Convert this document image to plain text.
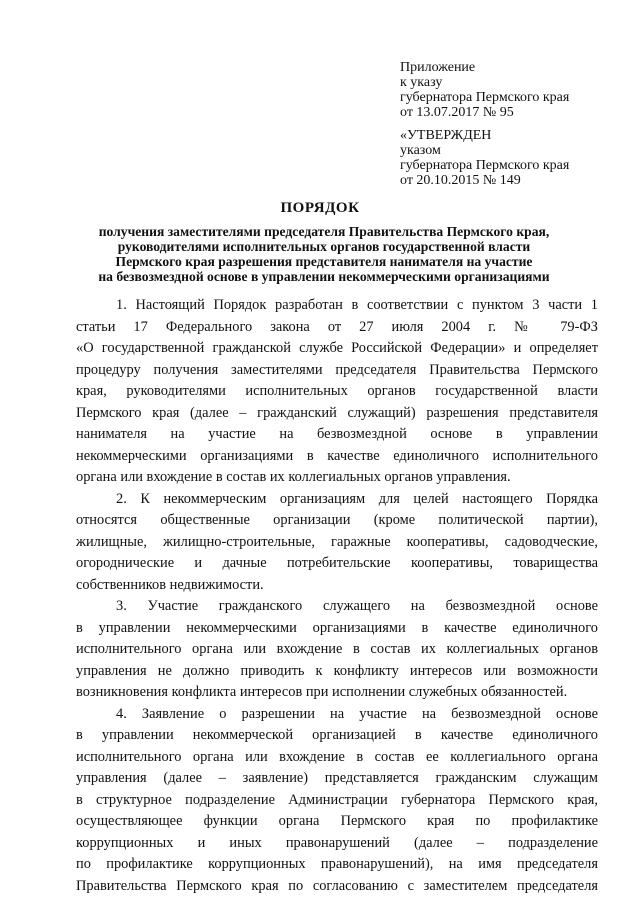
Приложение
к указу
губернатора Пермского края
от 13.07.2017 № 95
«УТВЕРЖДЕН
указом
губернатора Пермского края
от 20.10.2015 № 149
ПОРЯДОК
получения заместителями председателя Правительства Пермского края,
руководителями исполнительных органов государственной власти
Пермского края разрешения представителя нанимателя на участие
на безвозмездной основе в управлении некоммерческими организациями
1. Настоящий Порядок разработан в соответствии с пунктом 3 части 1
статьи 17 Федерального закона от 27 июля 2004 г. № 79-ФЗ
«О государственной гражданской службе Российской Федерации» и определяет
процедуру получения заместителями председателя Правительства Пермского
края, руководителями исполнительных органов государственной власти
Пермского края (далее – гражданский служащий) разрешения представителя
нанимателя на участие на безвозмездной основе в управлении
некоммерческими организациями в качестве единоличного исполнительного
органа или вхождение в состав их коллегиальных органов управления.
2. К некоммерческим организациям для целей настоящего Порядка
относятся общественные организации (кроме политической партии),
жилищные, жилищно-строительные, гаражные кооперативы, садоводческие,
огороднические и дачные потребительские кооперативы, товарищества
собственников недвижимости.
3. Участие гражданского служащего на безвозмездной основе
в управлении некоммерческими организациями в качестве единоличного
исполнительного органа или вхождение в состав их коллегиальных органов
управления не должно приводить к конфликту интересов или возможности
возникновения конфликта интересов при исполнении служебных обязанностей.
4. Заявление о разрешении на участие на безвозмездной основе
в управлении некоммерческой организацией в качестве единоличного
исполнительного органа или вхождение в состав ее коллегиального органа
управления (далее – заявление) представляется гражданским служащим
в структурное подразделение Администрации губернатора Пермского края,
осуществляющее функции органа Пермского края по профилактике
коррупционных и иных правонарушений (далее – подразделение
по профилактике коррупционных правонарушений), на имя председателя
Правительства Пермского края по согласованию с заместителем председателя
